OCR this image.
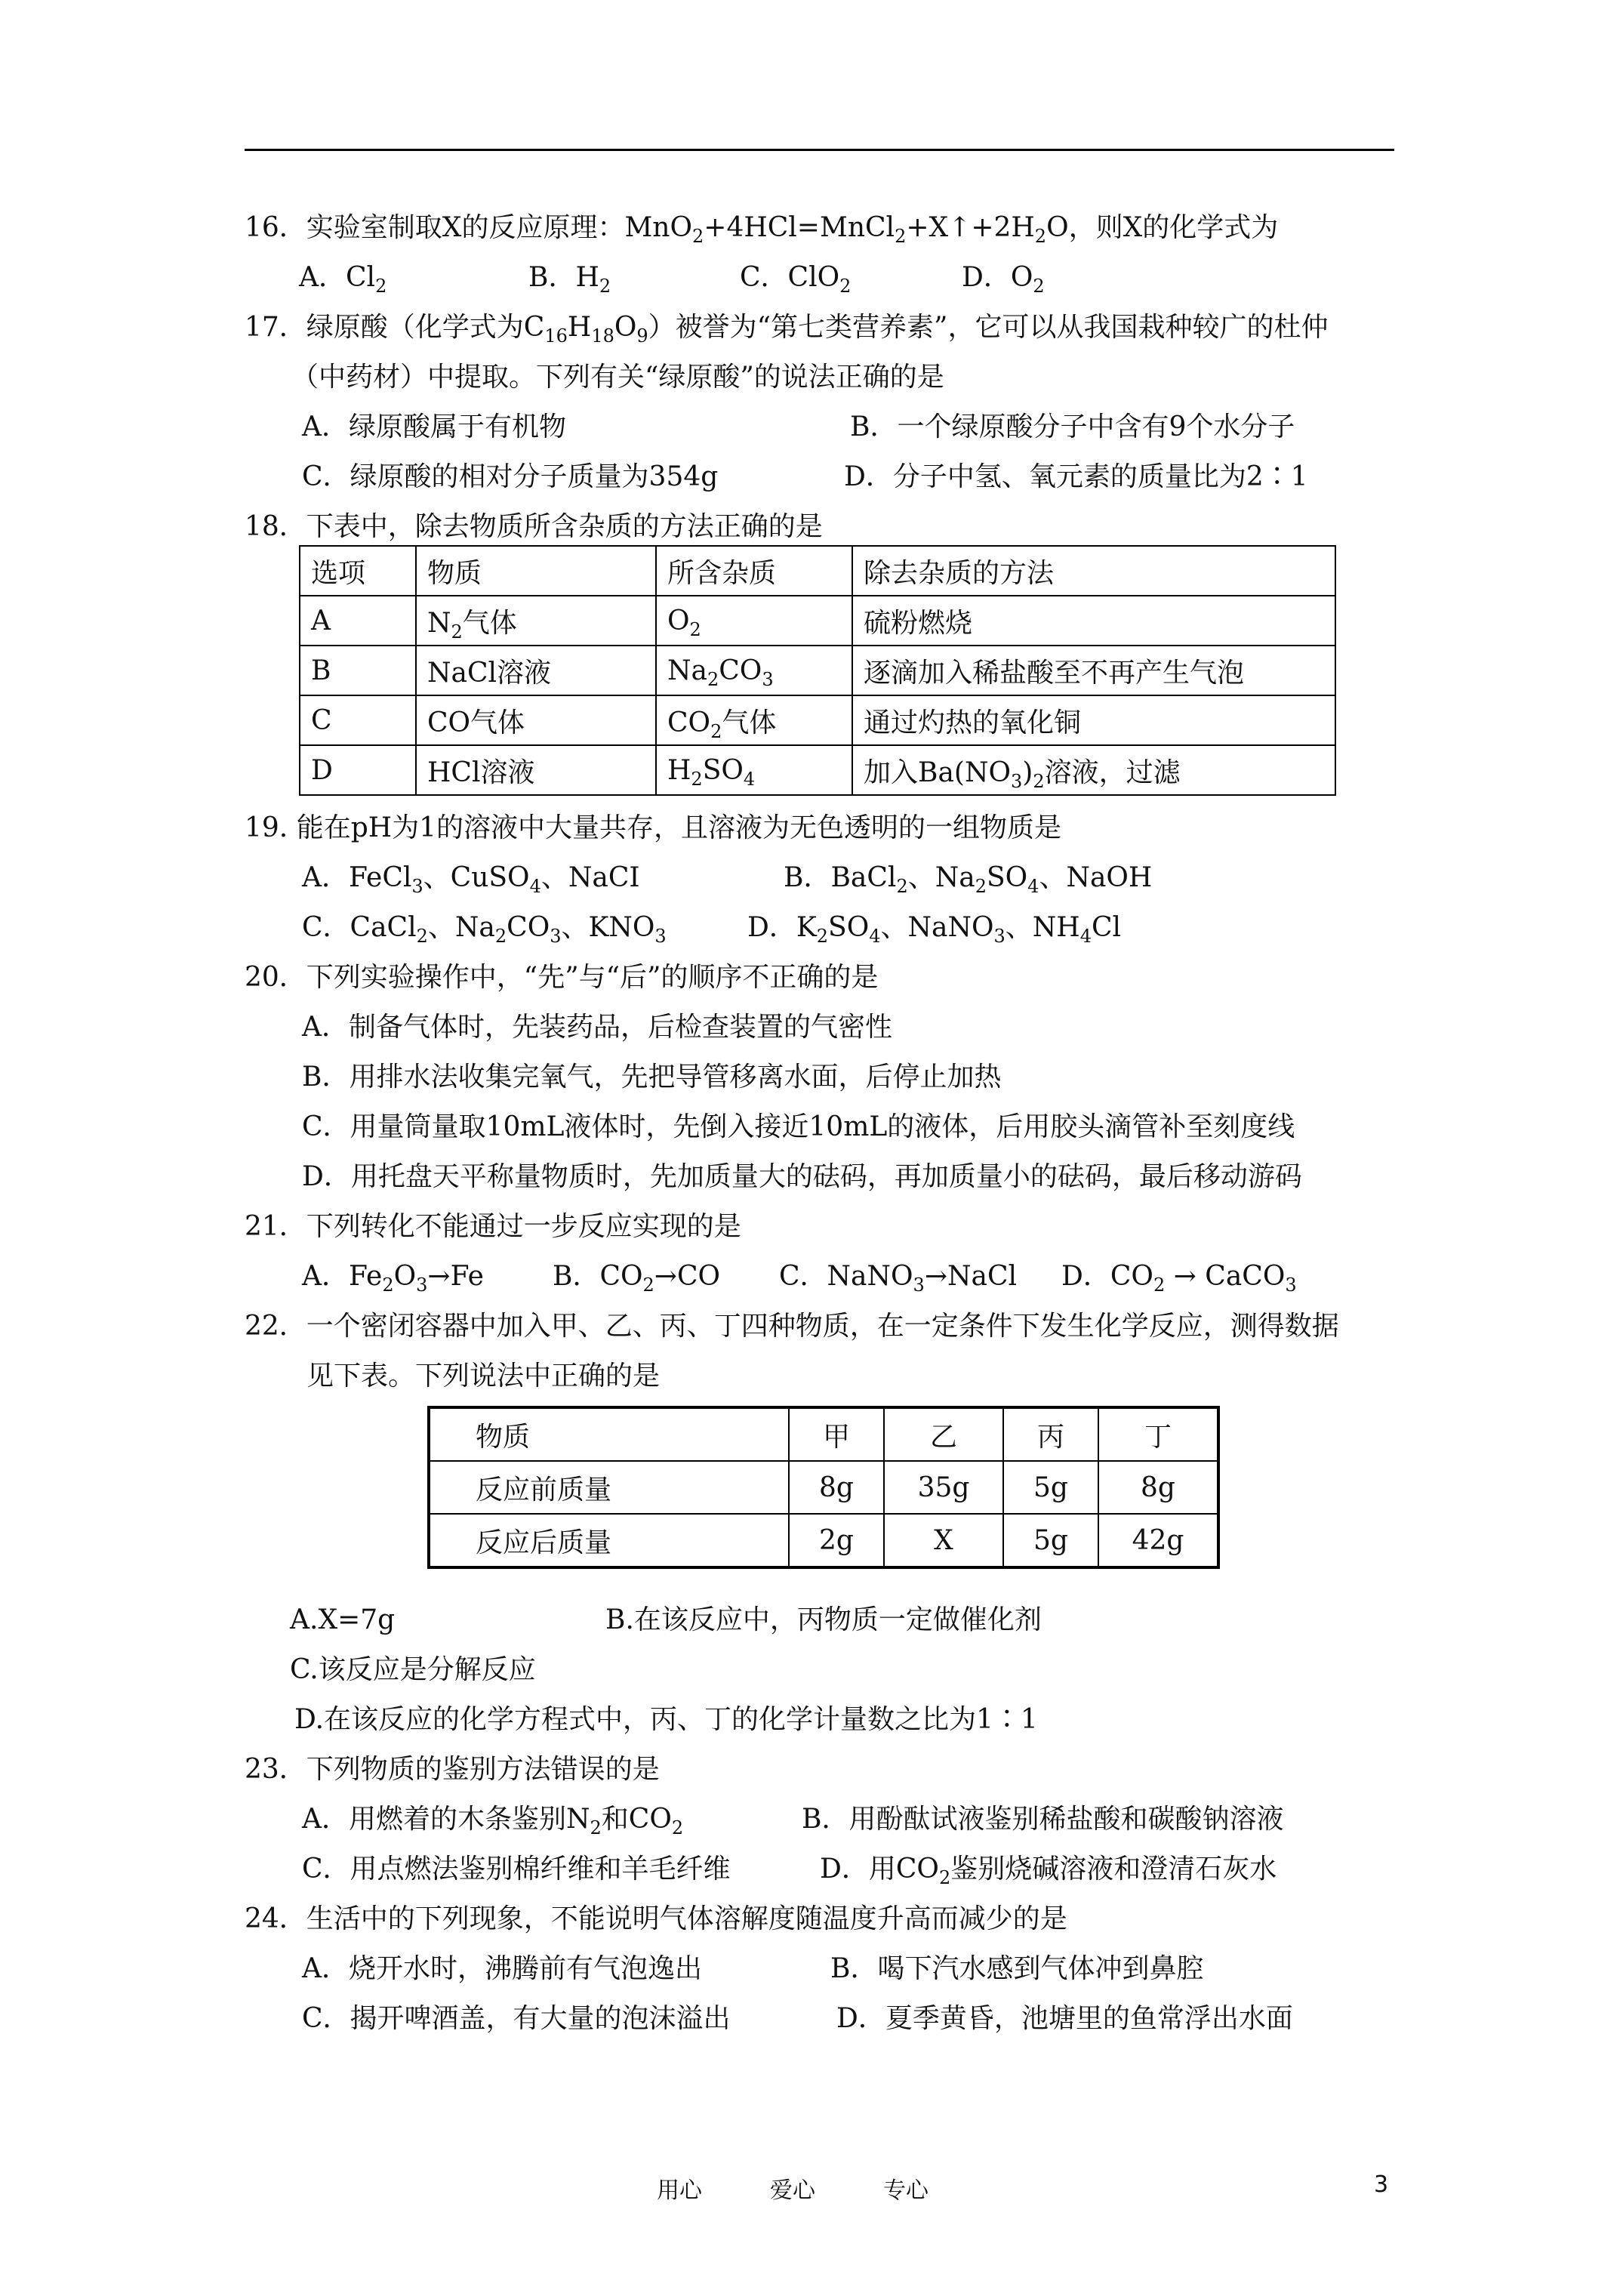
16．实验室制取X的反应原理：$MnO_2+4HCl=MnCl_2+X↑+2H_2O$，则X的化学式为
A．$Cl_2$	B．$H_2$	C．ClO$_2$	D．$O_2$
17．绿原酸（化学式为$C_{16}H_{18}O_9$）被誉为“第七类营养素”，它可以从我国栽种较广的杜仲
（中药材）中提取。下列有关“绿原酸”的说法正确的是
A．绿原酸属于有机物	B．一个绿原酸分子中含有9个水分子
C．绿原酸的相对分子质量为354g	D．分子中氢、氧元素的质量比为2∶1
18．下表中，除去物质所含杂质的方法正确的是
选项	物质	所含杂质	除去杂质的方法
A	$N_2$气体	$O_2$	硫粉燃烧
B	NaCl溶液	$Na_2CO_3$	逐滴加入稀盐酸至不再产生气泡
C	CO气体	$CO_2$气体	通过灼热的氧化铜
D	HCl溶液	$H_2SO_4$	加入$Ba(NO_3)_2$溶液，过滤
19. 能在pH为1的溶液中大量共存，且溶液为无色透明的一组物质是
A．FeCl$_3$、CuSO$_4$、NaCI	B．BaCl$_2$、$Na_2SO_4$、NaOH
C．CaCl$_2$、$Na_2CO_3$、$KNO_3$	D．$K_2SO_4$、NaNO$_3$、$NH_4Cl$
20．下列实验操作中，“先”与“后”的顺序不正确的是
A．制备气体时，先装药品，后检查装置的气密性
B．用排水法收集完氧气，先把导管移离水面，后停止加热
C．用量筒量取10mL液体时，先倒入接近10mL的液体，后用胶头滴管补至刻度线
D．用托盘天平称量物质时，先加质量大的砝码，再加质量小的砝码，最后移动游码
21．下列转化不能通过一步反应实现的是
A．$Fe_2O_3\to Fe$	B．$CO_2\to CO$ C．NaNO$_3$→NaCl D．$CO_2$ → CaCO$_3$
22．一个密闭容器中加入甲、乙、丙、丁四种物质，在一定条件下发生化学反应，测得数据
见下表。下列说法中正确的是
物质	甲	乙	丙	丁
反应前质量	8g	35g	5g	8g
反应后质量	2g	X	5g	42g
A.X=7g	B.在该反应中，丙物质一定做催化剂
C.该反应是分解反应
D.在该反应的化学方程式中，丙、丁的化学计量数之比为1∶1
23．下列物质的鉴别方法错误的是
A．用燃着的木条鉴别$N_2$和$CO_2$	B．用酚酞试液鉴别稀盐酸和碳酸钠溶液
C．用点燃法鉴别棉纤维和羊毛纤维	D．用$CO_2$鉴别烧碱溶液和澄清石灰水
24．生活中的下列现象，不能说明气体溶解度随温度升高而减少的是
A．烧开水时，沸腾前有气泡逸出	B．喝下汽水感到气体冲到鼻腔
C．揭开啤酒盖，有大量的泡沫溢出	D．夏季黄昏，池塘里的鱼常浮出水面
用心	爱心	专心	3
